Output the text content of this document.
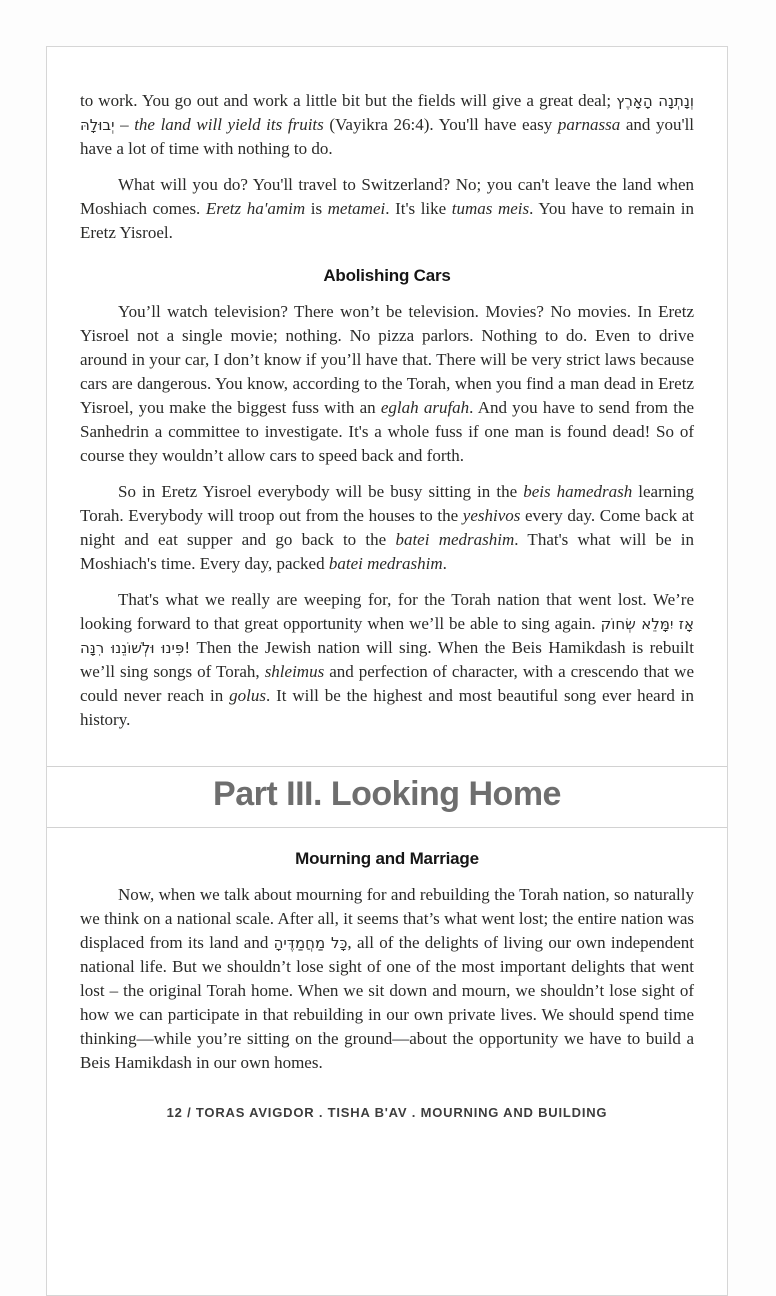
to work. You go out and work a little bit but the fields will give a great deal; וְנָתְנָה הָאָרֶץ יְבוּלָהּ – the land will yield its fruits (Vayikra 26:4). You'll have easy parnassa and you'll have a lot of time with nothing to do.

What will you do? You'll travel to Switzerland? No; you can't leave the land when Moshiach comes. Eretz ha'amim is metamei. It's like tumas meis. You have to remain in Eretz Yisroel.

Abolishing Cars

You’ll watch television? There won’t be television. Movies? No movies. In Eretz Yisroel not a single movie; nothing. No pizza parlors. Nothing to do. Even to drive around in your car, I don’t know if you’ll have that. There will be very strict laws because cars are dangerous. You know, according to the Torah, when you find a man dead in Eretz Yisroel, you make the biggest fuss with an eglah arufah. And you have to send from the Sanhedrin a committee to investigate. It's a whole fuss if one man is found dead! So of course they wouldn’t allow cars to speed back and forth.

So in Eretz Yisroel everybody will be busy sitting in the beis hamedrash learning Torah. Everybody will troop out from the houses to the yeshivos every day. Come back at night and eat supper and go back to the batei medrashim. That's what will be in Moshiach's time. Every day, packed batei medrashim.

That's what we really are weeping for, for the Torah nation that went lost. We’re looking forward to that great opportunity when we’ll be able to sing again. אָז יִמָּלֵא שְׂחוֹק פִּינוּ וּלְשׁוֹנֵנוּ רִנָּה! Then the Jewish nation will sing. When the Beis Hamikdash is rebuilt we’ll sing songs of Torah, shleimus and perfection of character, with a crescendo that we could never reach in golus. It will be the highest and most beautiful song ever heard in history.

Part III. Looking Home
Mourning and Marriage

Now, when we talk about mourning for and rebuilding the Torah nation, so naturally we think on a national scale. After all, it seems that’s what went lost; the entire nation was displaced from its land and כָּל מַחֲמַדֶּיהָ, all of the delights of living our own independent national life. But we shouldn’t lose sight of one of the most important delights that went lost – the original Torah home. When we sit down and mourn, we shouldn’t lose sight of how we can participate in that rebuilding in our own private lives. We should spend time thinking—while you’re sitting on the ground—about the opportunity we have to build a Beis Hamikdash in our own homes.

12 / TORAS AVIGDOR . TISHA B'AV . MOURNING AND BUILDING
